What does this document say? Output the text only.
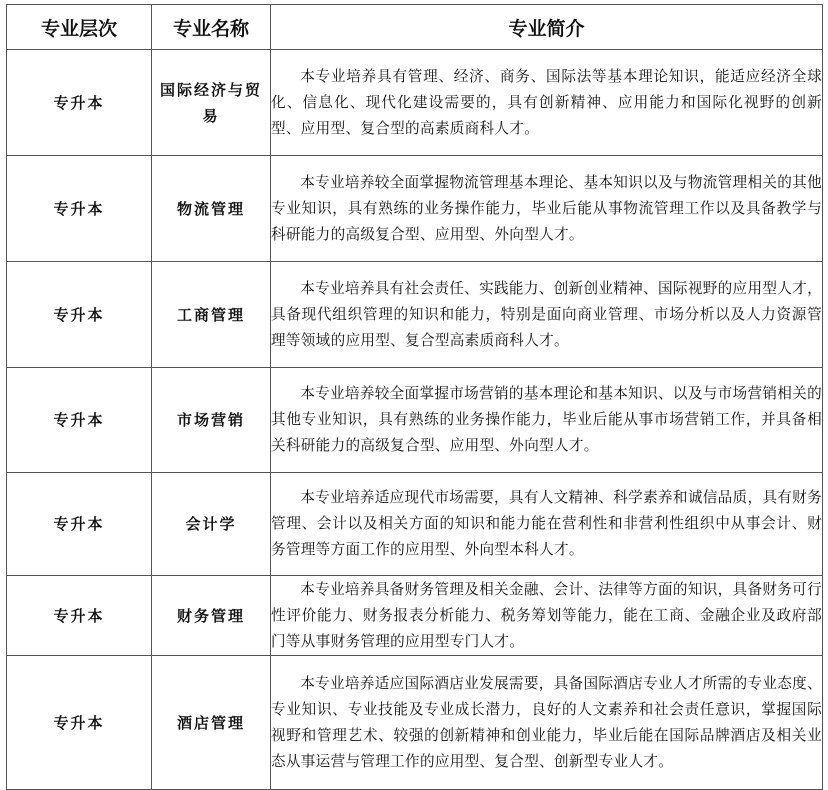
专业层次	专业名称	专业简介
专升本	国际经济与贸易	本专业培养具有管理、经济、商务、国际法等基本理论知识，能适应经济全球化、信息化、现代化建设需要的，具有创新精神、应用能力和国际化视野的创新型、应用型、复合型的高素质商科人才。
专升本	物流管理	本专业培养较全面掌握物流管理基本理论、基本知识以及与物流管理相关的其他专业知识，具有熟练的业务操作能力，毕业后能从事物流管理工作以及具备教学与科研能力的高级复合型、应用型、外向型人才。
专升本	工商管理	本专业培养具有社会责任、实践能力、创新创业精神、国际视野的应用型人才，具备现代组织管理的知识和能力，特别是面向商业管理、市场分析以及人力资源管理等领域的应用型、复合型高素质商科人才。
专升本	市场营销	本专业培养较全面掌握市场营销的基本理论和基本知识、以及与市场营销相关的其他专业知识，具有熟练的业务操作能力，毕业后能从事市场营销工作，并具备相关科研能力的高级复合型、应用型、外向型人才。
专升本	会计学	本专业培养适应现代市场需要，具有人文精神、科学素养和诚信品质，具有财务管理、会计以及相关方面的知识和能力能在营利性和非营利性组织中从事会计、财务管理等方面工作的应用型、外向型本科人才。
专升本	财务管理	本专业培养具备财务管理及相关金融、会计、法律等方面的知识，具备财务可行性评价能力、财务报表分析能力、税务筹划等能力，能在工商、金融企业及政府部门等从事财务管理的应用型专门人才。
专升本	酒店管理	本专业培养适应国际酒店业发展需要，具备国际酒店专业人才所需的专业态度、专业知识、专业技能及专业成长潜力，良好的人文素养和社会责任意识，掌握国际视野和管理艺术、较强的创新精神和创业能力，毕业后能在国际品牌酒店及相关业态从事运营与管理工作的应用型、复合型、创新型专业人才。
